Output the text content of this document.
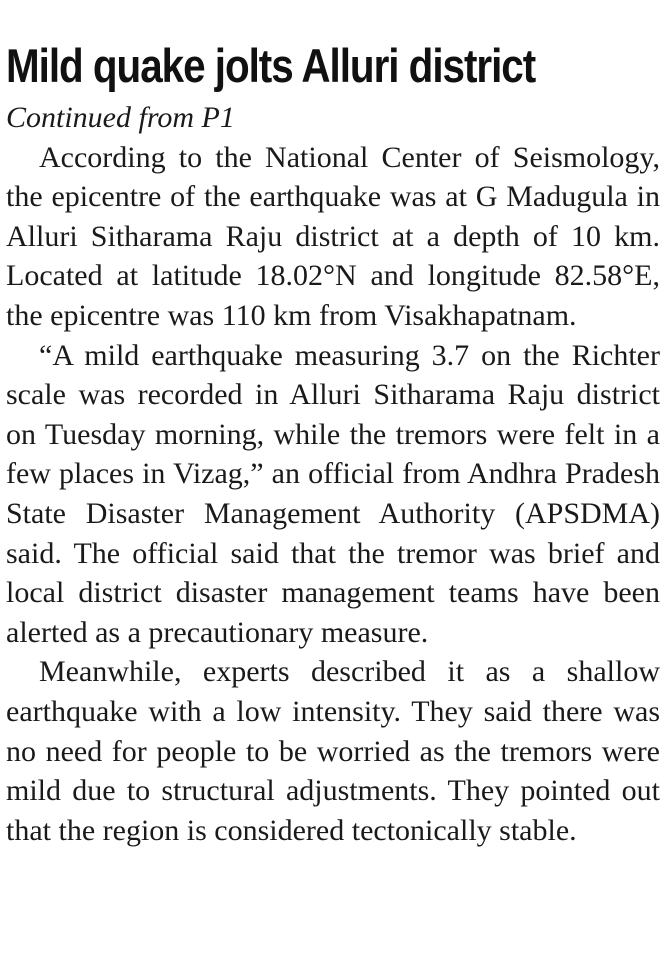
Mild quake jolts Alluri district

Continued from P1

According to the National Center of Seismology, the epicentre of the earthquake was at G Madugula in Alluri Sitharama Raju district at a depth of 10 km. Located at latitude 18.02°N and longitude 82.58°E, the epicentre was 110 km from Visakhapatnam.

“A mild earthquake measuring 3.7 on the Richter scale was recorded in Alluri Sitharama Raju district on Tuesday morning, while the tremors were felt in a few places in Vizag,” an official from Andhra Pradesh State Disaster Management Authority (APSDMA) said. The official said that the tremor was brief and local district disaster management teams have been alerted as a precautionary measure.

Meanwhile, experts described it as a shallow earthquake with a low intensity. They said there was no need for people to be worried as the tremors were mild due to structural adjustments. They pointed out that the region is considered tectonically stable.
